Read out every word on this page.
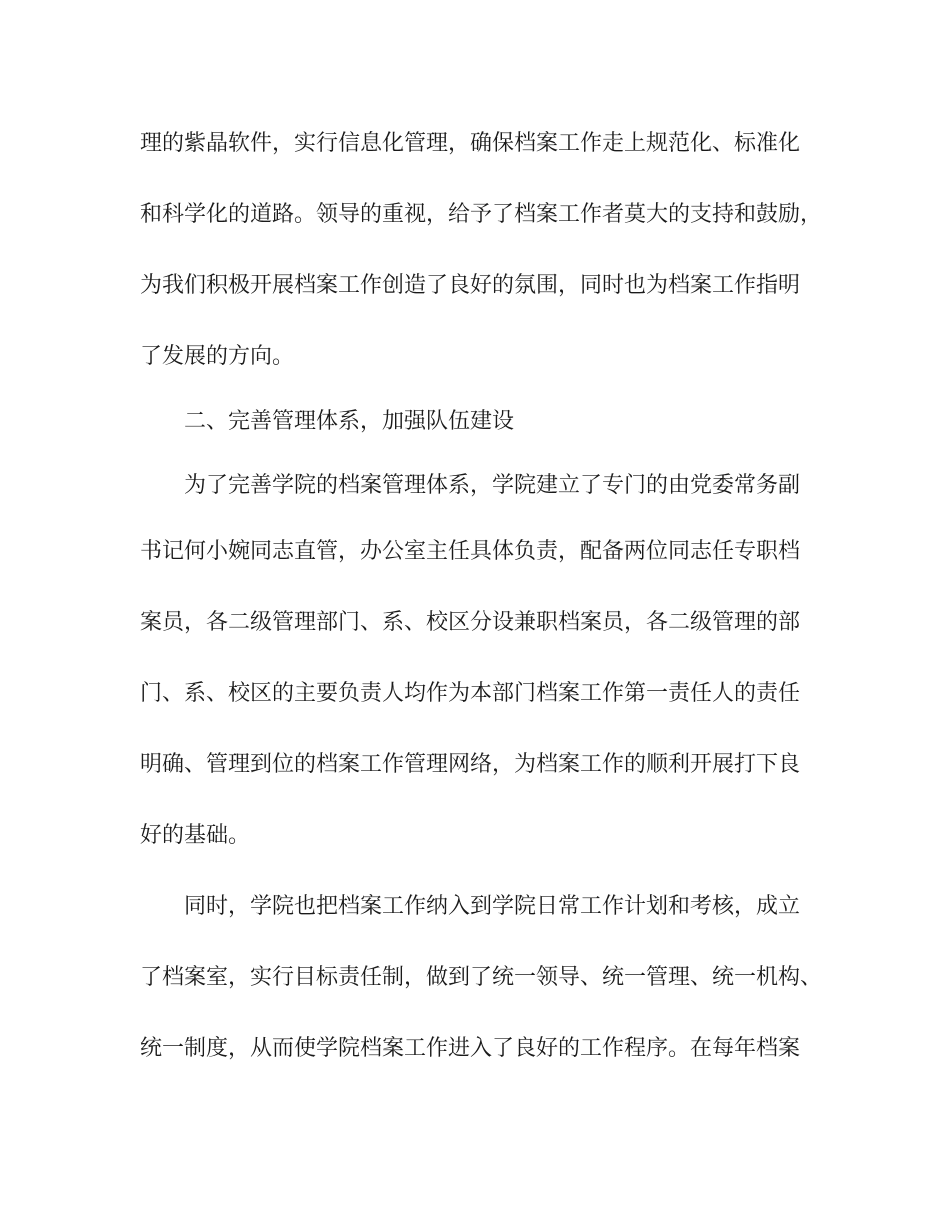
理的紫晶软件，实行信息化管理，确保档案工作走上规范化、标准化
和科学化的道路。领导的重视，给予了档案工作者莫大的支持和鼓励，
为我们积极开展档案工作创造了良好的氛围，同时也为档案工作指明
了发展的方向。
二、完善管理体系，加强队伍建设
为了完善学院的档案管理体系，学院建立了专门的由党委常务副
书记何小婉同志直管，办公室主任具体负责，配备两位同志任专职档
案员，各二级管理部门、系、校区分设兼职档案员，各二级管理的部
门、系、校区的主要负责人均作为本部门档案工作第一责任人的责任
明确、管理到位的档案工作管理网络，为档案工作的顺利开展打下良
好的基础。
同时，学院也把档案工作纳入到学院日常工作计划和考核，成立
了档案室，实行目标责任制，做到了统一领导、统一管理、统一机构、
统一制度，从而使学院档案工作进入了良好的工作程序。在每年档案
